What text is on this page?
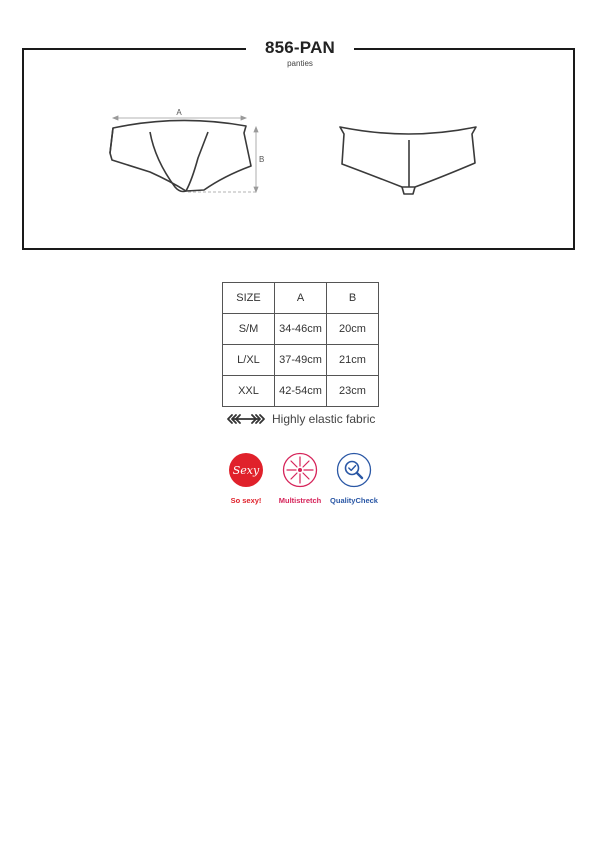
856-PAN
panties
A
B
SIZE	A	B
S/M	34-46cm	20cm
L/XL	37-49cm	21cm
XXL	42-54cm	23cm
Highly elastic fabric
Sexy
So sexy!	Multistretch	QualityCheck
